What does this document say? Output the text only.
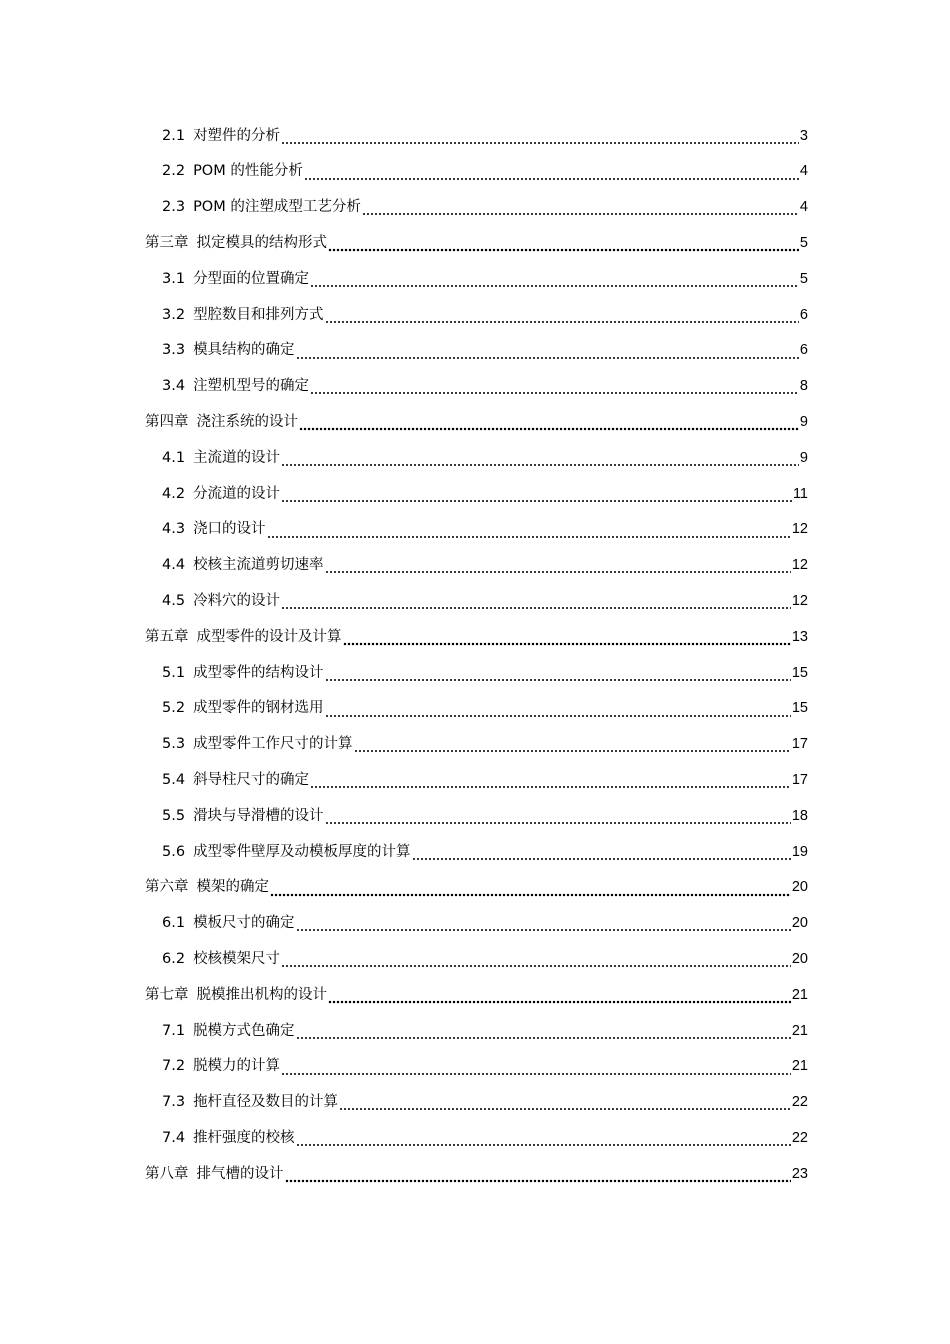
2.1 对塑件的分析	3
2.2 POM 的性能分析	4
2.3 POM 的注塑成型工艺分析	4
第三章 拟定模具的结构形式	5
3.1 分型面的位置确定	5
3.2 型腔数目和排列方式	6
3.3 模具结构的确定	6
3.4 注塑机型号的确定	8
第四章 浇注系统的设计	9
4.1 主流道的设计	9
4.2 分流道的设计	11
4.3 浇口的设计	12
4.4 校核主流道剪切速率	12
4.5 冷料穴的设计	12
第五章 成型零件的设计及计算	13
5.1 成型零件的结构设计	15
5.2 成型零件的钢材选用	15
5.3 成型零件工作尺寸的计算	17
5.4 斜导柱尺寸的确定	17
5.5 滑块与导滑槽的设计	18
5.6 成型零件壁厚及动模板厚度的计算	19
第六章 模架的确定	20
6.1 模板尺寸的确定	20
6.2 校核模架尺寸	20
第七章 脱模推出机构的设计	21
7.1 脱模方式色确定	21
7.2 脱模力的计算	21
7.3 拖杆直径及数目的计算	22
7.4 推杆强度的校核	22
第八章 排气槽的设计	23
